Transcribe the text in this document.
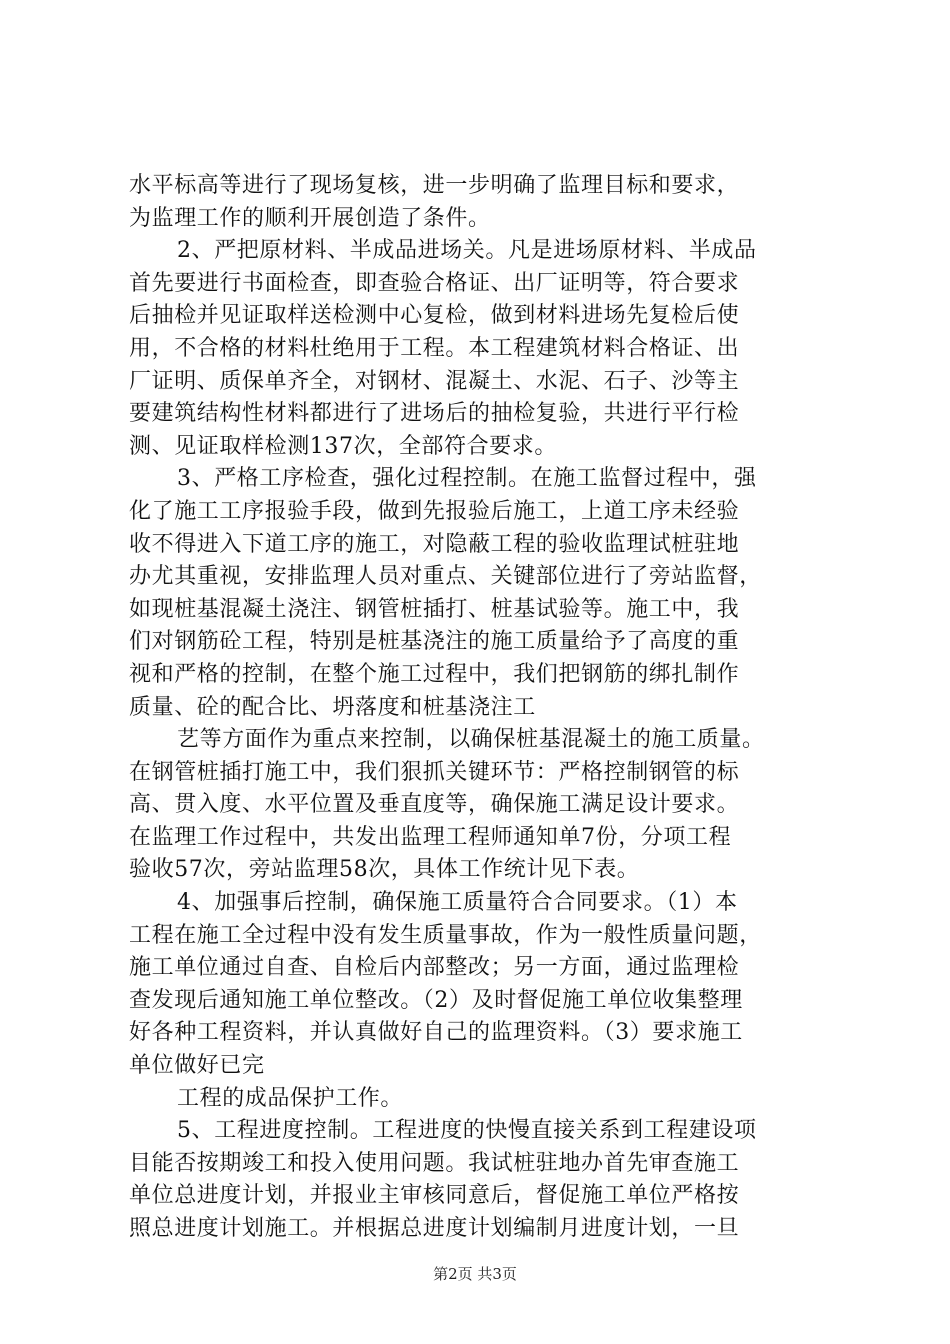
水平标高等进行了现场复核，进一步明确了监理目标和要求，
为监理工作的顺利开展创造了条件。
2、严把原材料、半成品进场关。凡是进场原材料、半成品
首先要进行书面检查，即查验合格证、出厂证明等，符合要求
后抽检并见证取样送检测中心复检，做到材料进场先复检后使
用，不合格的材料杜绝用于工程。本工程建筑材料合格证、出
厂证明、质保单齐全，对钢材、混凝土、水泥、石子、沙等主
要建筑结构性材料都进行了进场后的抽检复验，共进行平行检
测、见证取样检测137次，全部符合要求。
3、严格工序检查，强化过程控制。在施工监督过程中，强
化了施工工序报验手段，做到先报验后施工，上道工序未经验
收不得进入下道工序的施工，对隐蔽工程的验收监理试桩驻地
办尤其重视，安排监理人员对重点、关键部位进行了旁站监督，
如现桩基混凝土浇注、钢管桩插打、桩基试验等。施工中，我
们对钢筋砼工程，特别是桩基浇注的施工质量给予了高度的重
视和严格的控制，在整个施工过程中，我们把钢筋的绑扎制作
质量、砼的配合比、坍落度和桩基浇注工
艺等方面作为重点来控制，以确保桩基混凝土的施工质量。
在钢管桩插打施工中，我们狠抓关键环节：严格控制钢管的标
高、贯入度、水平位置及垂直度等，确保施工满足设计要求。
在监理工作过程中，共发出监理工程师通知单7份，分项工程
验收57次，旁站监理58次，具体工作统计见下表。
4、加强事后控制，确保施工质量符合合同要求。（1）本
工程在施工全过程中没有发生质量事故，作为一般性质量问题，
施工单位通过自查、自检后内部整改；另一方面，通过监理检
查发现后通知施工单位整改。（2）及时督促施工单位收集整理
好各种工程资料，并认真做好自己的监理资料。（3）要求施工
单位做好已完
工程的成品保护工作。
5、工程进度控制。工程进度的快慢直接关系到工程建设项
目能否按期竣工和投入使用问题。我试桩驻地办首先审查施工
单位总进度计划，并报业主审核同意后，督促施工单位严格按
照总进度计划施工。并根据总进度计划编制月进度计划，一旦
第2页 共3页
